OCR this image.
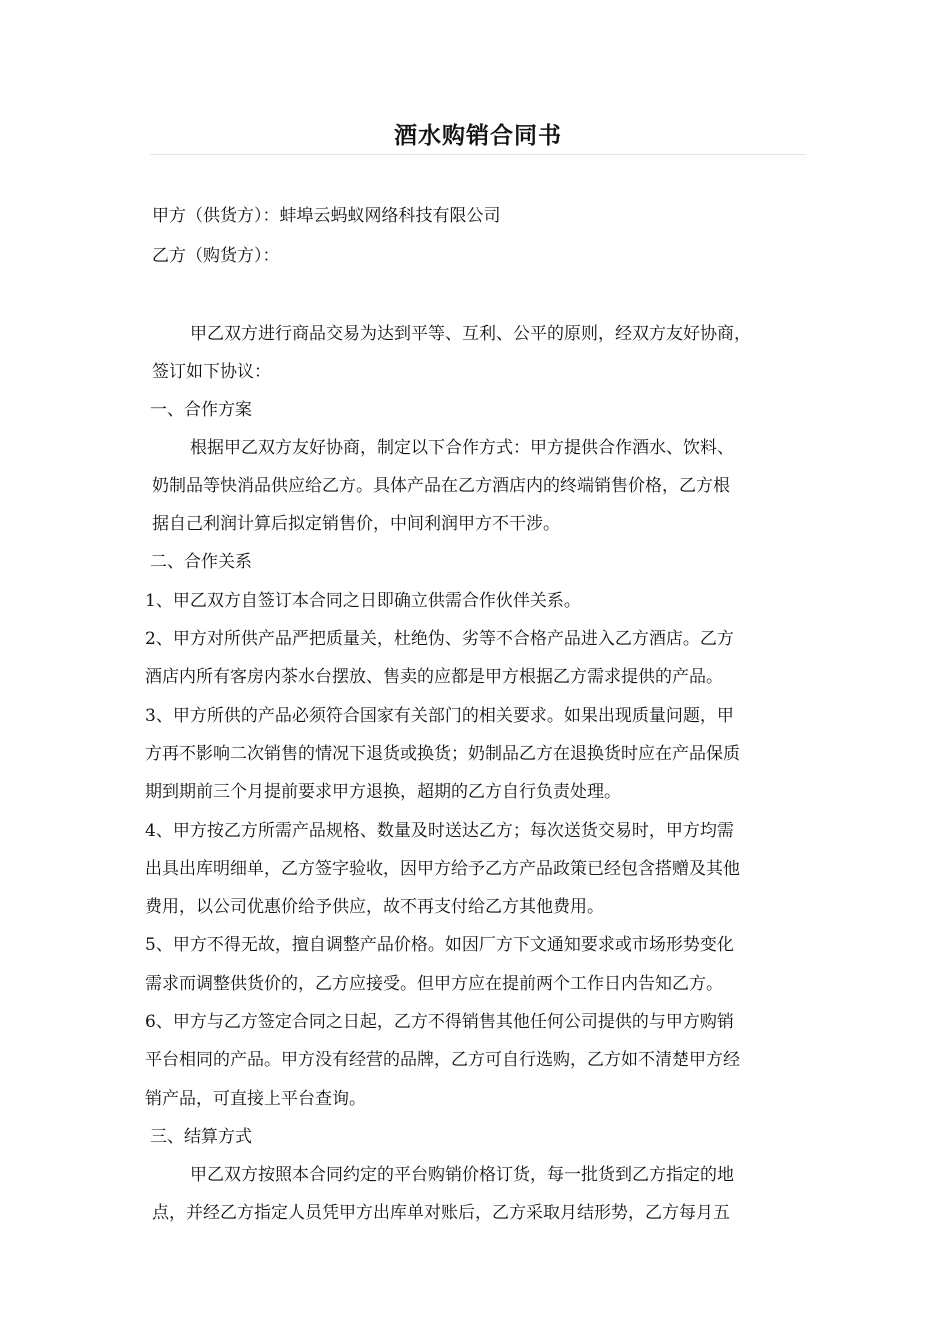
酒水购销合同书
甲方（供货方）：蚌埠云蚂蚁网络科技有限公司
乙方（购货方）：
甲乙双方进行商品交易为达到平等、互利、公平的原则，经双方友好协商，
签订如下协议：
一、合作方案
根据甲乙双方友好协商，制定以下合作方式：甲方提供合作酒水、饮料、
奶制品等快消品供应给乙方。具体产品在乙方酒店内的终端销售价格，乙方根
据自己利润计算后拟定销售价，中间利润甲方不干涉。
二、合作关系
1、甲乙双方自签订本合同之日即确立供需合作伙伴关系。
2、甲方对所供产品严把质量关，杜绝伪、劣等不合格产品进入乙方酒店。乙方
酒店内所有客房内茶水台摆放、售卖的应都是甲方根据乙方需求提供的产品。
3、甲方所供的产品必须符合国家有关部门的相关要求。如果出现质量问题，甲
方再不影响二次销售的情况下退货或换货；奶制品乙方在退换货时应在产品保质
期到期前三个月提前要求甲方退换，超期的乙方自行负责处理。
4、甲方按乙方所需产品规格、数量及时送达乙方；每次送货交易时，甲方均需
出具出库明细单，乙方签字验收，因甲方给予乙方产品政策已经包含搭赠及其他
费用，以公司优惠价给予供应，故不再支付给乙方其他费用。
5、甲方不得无故，擅自调整产品价格。如因厂方下文通知要求或市场形势变化
需求而调整供货价的，乙方应接受。但甲方应在提前两个工作日内告知乙方。
6、甲方与乙方签定合同之日起，乙方不得销售其他任何公司提供的与甲方购销
平台相同的产品。甲方没有经营的品牌，乙方可自行选购，乙方如不清楚甲方经
销产品，可直接上平台查询。
三、结算方式
甲乙双方按照本合同约定的平台购销价格订货，每一批货到乙方指定的地
点，并经乙方指定人员凭甲方出库单对账后，乙方采取月结形势，乙方每月五
